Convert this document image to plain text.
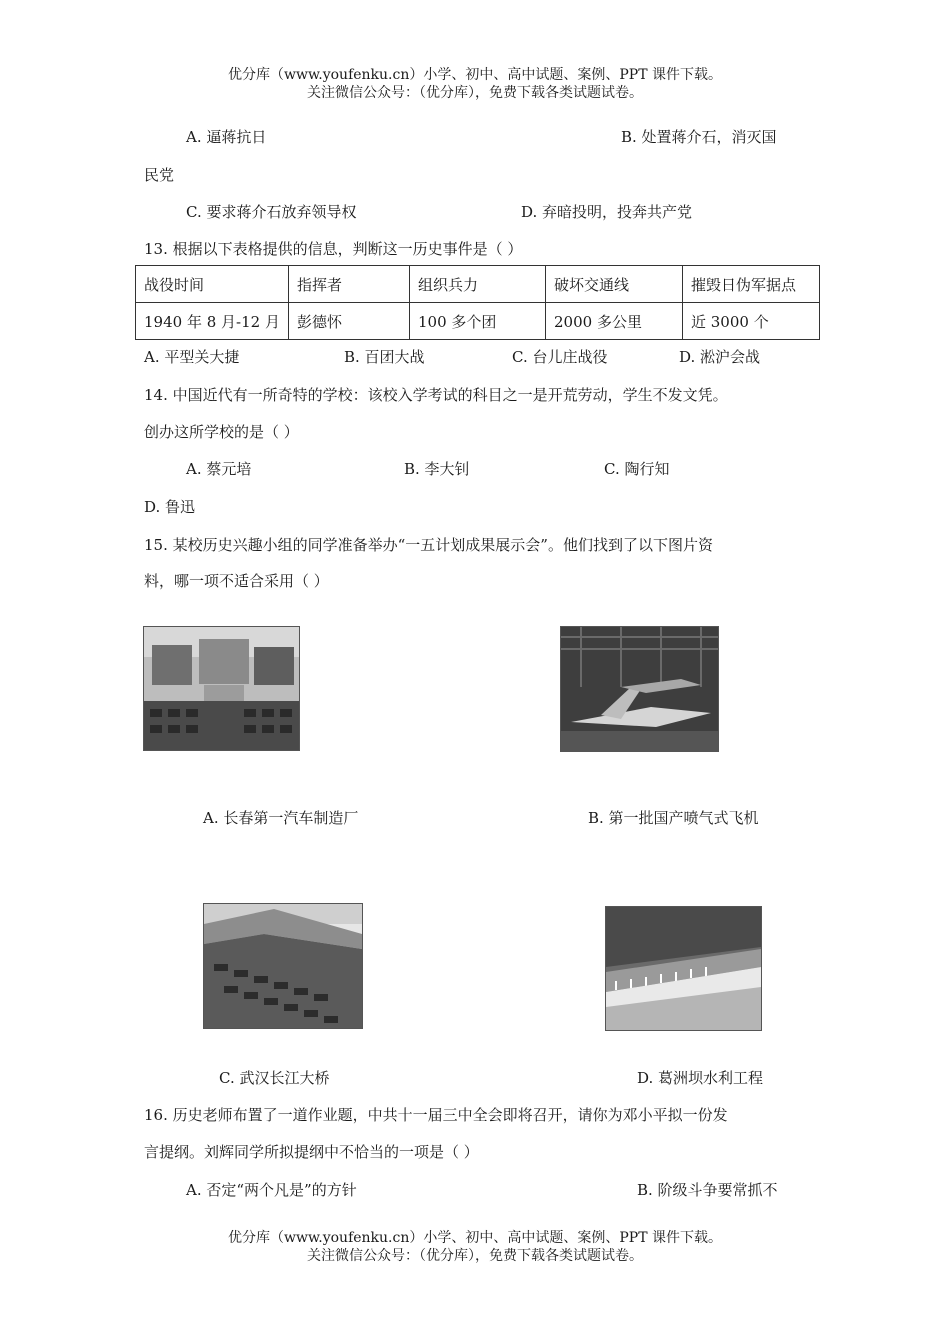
优分库（www.youfenku.cn）小学、初中、高中试题、案例、PPT 课件下载。
关注微信公众号：（优分库），免费下载各类试题试卷。
A. 逼蒋抗日	B. 处置蒋介石，消灭国
民党
C. 要求蒋介石放弃领导权	D. 弃暗投明，投奔共产党
13. 根据以下表格提供的信息，判断这一历史事件是（ ）
战役时间	指挥者	组织兵力	破坏交通线	摧毁日伪军据点
1940 年 8 月-12 月	彭德怀	100 多个团	2000 多公里	近 3000 个
A. 平型关大捷	B. 百团大战	C. 台儿庄战役	D. 淞沪会战
14. 中国近代有一所奇特的学校：该校入学考试的科目之一是开荒劳动，学生不发文凭。
创办这所学校的是（ ）
A. 蔡元培	B. 李大钊	C. 陶行知
D. 鲁迅
15. 某校历史兴趣小组的同学准备举办“一五计划成果展示会”。他们找到了以下图片资
料，哪一项不适合采用（ ）
A. 长春第一汽车制造厂	B. 第一批国产喷气式飞机
C. 武汉长江大桥	D. 葛洲坝水利工程
16. 历史老师布置了一道作业题，中共十一届三中全会即将召开，请你为邓小平拟一份发
言提纲。刘辉同学所拟提纲中不恰当的一项是（ ）
A. 否定“两个凡是”的方针	B. 阶级斗争要常抓不
优分库（www.youfenku.cn）小学、初中、高中试题、案例、PPT 课件下载。
关注微信公众号：（优分库），免费下载各类试题试卷。
